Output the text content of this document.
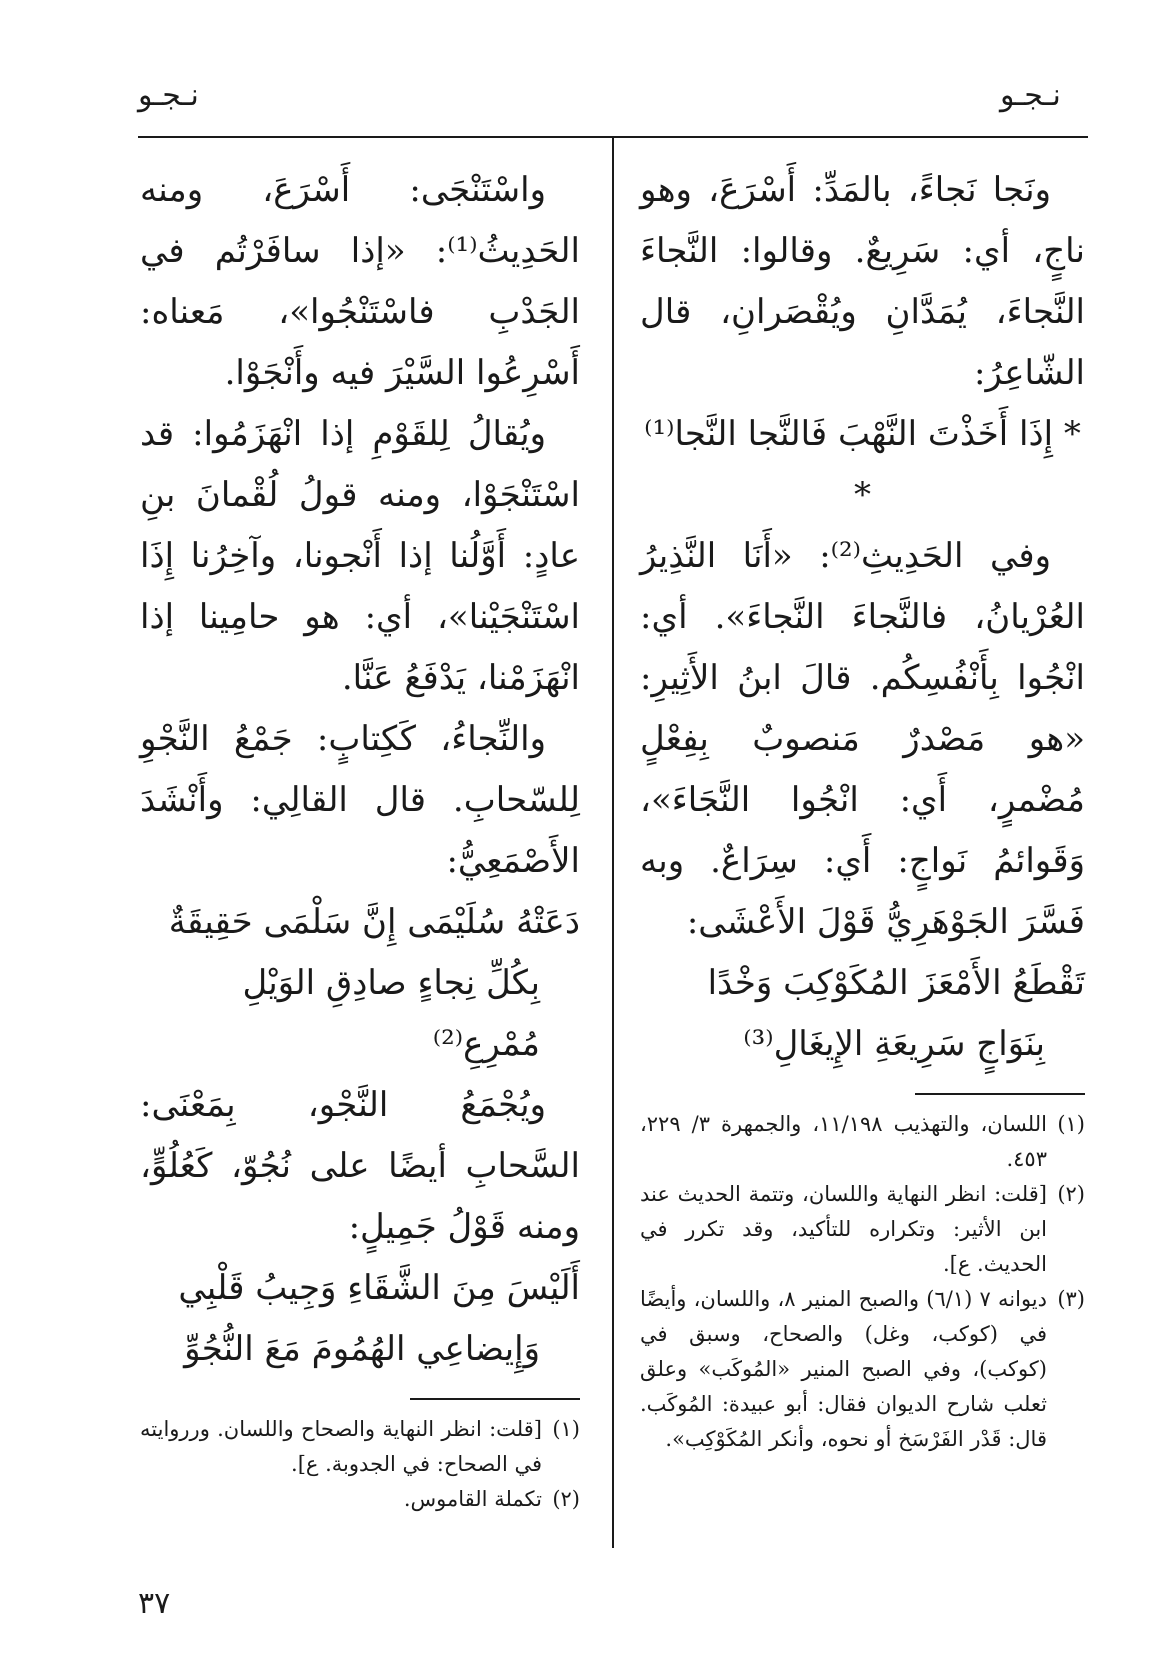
نـجـو
نـجـو

ونَجا نَجاءً، بالمَدِّ: أَسْرَعَ، وهو ناجٍ، أي: سَرِيعٌ. وقالوا: النَّجاءَ النَّجاءَ، يُمَدَّانِ ويُقْصَرانِ، قال الشّاعِرُ:

* إِذَا أَخَذْتَ النَّهْبَ فَالنَّجا النَّجا⁽¹⁾ *

وفي الحَدِيثِ⁽²⁾: «أَنَا النَّذِيرُ العُرْيانُ، فالنَّجاءَ النَّجاءَ». أي: انْجُوا بِأَنْفُسِكُم. قالَ ابنُ الأَثِيرِ: «هو مَصْدرٌ مَنصوبٌ بِفِعْلٍ مُضْمرٍ، أَي: انْجُوا النَّجَاءَ»، وَقَوائمُ نَواجٍ: أَي: سِرَاعٌ. وبه فَسَّرَ الجَوْهَرِيُّ قَوْلَ الأَعْشَى:

تَقْطَعُ الأَمْعَزَ المُكَوْكِبَ وَخْدًا

بِنَوَاجٍ سَرِيعَةِ الإِيغَالِ⁽³⁾

(١)
اللسان، والتهذيب ١١/١٩٨، والجمهرة ٣/ ٢٢٩، ٤٥٣.
(٢)
[قلت: انظر النهاية واللسان، وتتمة الحديث عند ابن الأثير: وتكراره للتأكيد، وقد تكرر في الحديث. ع].
(٣)
ديوانه ٧ (٦/١) والصبح المنير ٨، واللسان، وأيضًا في (كوكب، وغل) والصحاح، وسبق في (كوكب)، وفي الصبح المنير «المُوكَب» وعلق ثعلب شارح الديوان فقال: أبو عبيدة: المُوكَب. قال: قَدْر الفَرْسَخ أو نحوه، وأنكر المُكَوْكِب».

واسْتَنْجَى: أَسْرَعَ، ومنه الحَدِيثُ⁽¹⁾: «إذا سافَرْتُم في الجَدْبِ فاسْتَنْجُوا»، مَعناه: أَسْرِعُوا السَّيْرَ فيه وأَنْجَوْا.

ويُقالُ لِلقَوْمِ إذا انْهَزَمُوا: قد اسْتَنْجَوْا، ومنه قولُ لُقْمانَ بنِ عادٍ: أَوَّلُنا إذا أَنْجونا، وآخِرُنا إِذَا اسْتَنْجَيْنا»، أي: هو حامِينا إذا انْهَزَمْنا، يَدْفَعُ عَنَّا.

والنِّجاءُ، كَكِتابٍ: جَمْعُ النَّجْوِ لِلسّحابِ. قال القالِي: وأَنْشَدَ الأَصْمَعِيُّ:

دَعَتْهُ سُلَيْمَى إِنَّ سَلْمَى حَقِيقَةٌ

بِكُلِّ نِجاءٍ صادِقِ الوَيْلِ مُمْرِعِ⁽²⁾

ويُجْمَعُ النَّجْو، بِمَعْنَى: السَّحابِ أيضًا على نُجُوّ، كَعُلُوٍّ، ومنه قَوْلُ جَمِيلٍ:

أَلَيْسَ مِنَ الشَّقَاءِ وَجِيبُ قَلْبِي

وَإِيضاعِي الهُمُومَ مَعَ النُّجُوِّ

(١)
[قلت: انظر النهاية والصحاح واللسان. ورروايته في الصحاح: في الجدوبة. ع].
(٢)
تكملة القاموس.
٣٧
